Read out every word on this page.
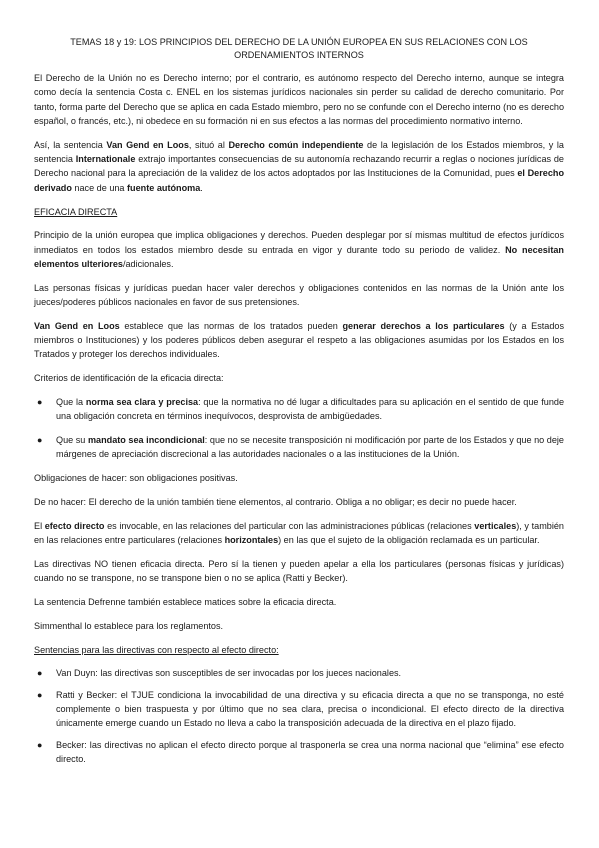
TEMAS 18 y 19: LOS PRINCIPIOS DEL DERECHO DE LA UNIÓN EUROPEA EN SUS RELACIONES CON LOS
ORDENAMIENTOS INTERNOS

El Derecho de la Unión no es Derecho interno; por el contrario, es autónomo respecto del Derecho interno, aunque se integra como decía la sentencia Costa c. ENEL en los sistemas jurídicos nacionales sin perder su calidad de derecho comunitario. Por tanto, forma parte del Derecho que se aplica en cada Estado miembro, pero no se confunde con el Derecho interno (no es derecho español, o francés, etc.), ni obedece en su formación ni en sus efectos a las normas del procedimiento normativo interno.

Así, la sentencia Van Gend en Loos, situó al Derecho común independiente de la legislación de los Estados miembros, y la sentencia Internationale extrajo importantes consecuencias de su autonomía rechazando recurrir a reglas o nociones jurídicas de Derecho nacional para la apreciación de la validez de los actos adoptados por las Instituciones de la Comunidad, pues el Derecho derivado nace de una fuente autónoma.

EFICACIA DIRECTA

Principio de la unión europea que implica obligaciones y derechos. Pueden desplegar por sí mismas multitud de efectos jurídicos inmediatos en todos los estados miembro desde su entrada en vigor y durante todo su periodo de validez. No necesitan elementos ulteriores/adicionales.

Las personas físicas y jurídicas puedan hacer valer derechos y obligaciones contenidos en las normas de la Unión ante los jueces/poderes públicos nacionales en favor de sus pretensiones.

Van Gend en Loos establece que las normas de los tratados pueden generar derechos a los particulares (y a Estados miembros o Instituciones) y los poderes públicos deben asegurar el respeto a las obligaciones asumidas por los Estados en los Tratados y proteger los derechos individuales.

Criterios de identificación de la eficacia directa:

● Que la norma sea clara y precisa: que la normativa no dé lugar a dificultades para su aplicación en el sentido de que funde una obligación concreta en términos inequívocos, desprovista de ambigüedades.
● Que su mandato sea incondicional: que no se necesite transposición ni modificación por parte de los Estados y que no deje márgenes de apreciación discrecional a las autoridades nacionales o a las instituciones de la Unión.

Obligaciones de hacer: son obligaciones positivas.

De no hacer: El derecho de la unión también tiene elementos, al contrario. Obliga a no obligar; es decir no puede hacer.

El efecto directo es invocable, en las relaciones del particular con las administraciones públicas (relaciones verticales), y también en las relaciones entre particulares (relaciones horizontales) en las que el sujeto de la obligación reclamada es un particular.

Las directivas NO tienen eficacia directa. Pero sí la tienen y pueden apelar a ella los particulares (personas físicas y jurídicas) cuando no se transpone, no se transpone bien o no se aplica (Ratti y Becker).

La sentencia Defrenne también establece matices sobre la eficacia directa.

Simmenthal lo establece para los reglamentos.

Sentencias para las directivas con respecto al efecto directo:
● Van Duyn: las directivas son susceptibles de ser invocadas por los jueces nacionales.
● Ratti y Becker: el TJUE condiciona la invocabilidad de una directiva y su eficacia directa a que no se transponga, no esté complemente o bien traspuesta y por último que no sea clara, precisa o incondicional. El efecto directo de la directiva únicamente emerge cuando un Estado no lleva a cabo la transposición adecuada de la directiva en el plazo fijado.
● Becker: las directivas no aplican el efecto directo porque al trasponerla se crea una norma nacional que “elimina” ese efecto directo.
